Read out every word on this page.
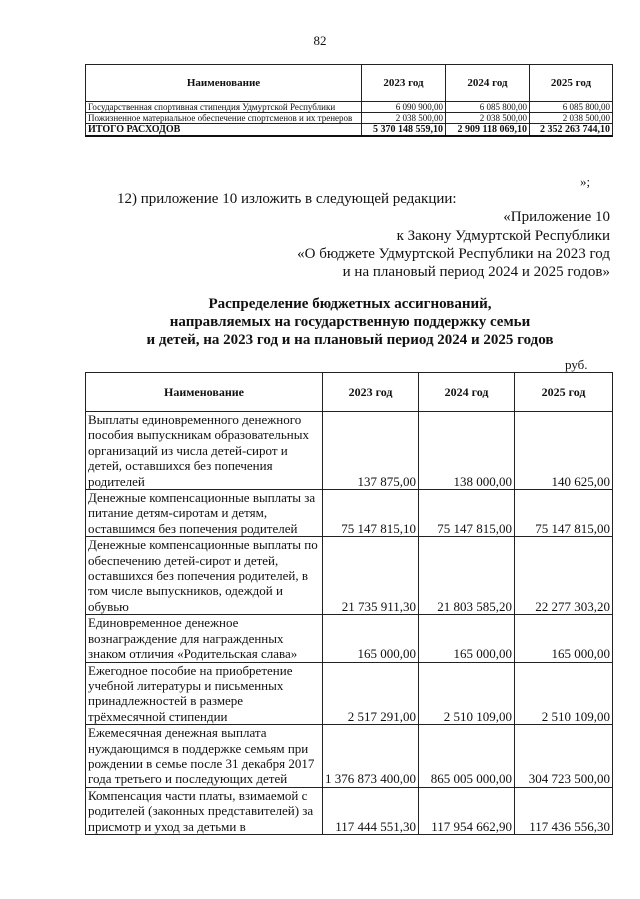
82
Наименование	2023 год	2024 год	2025 год
Государственная спортивная стипендия Удмуртской Республики	6 090 900,00	6 085 800,00	6 085 800,00
Пожизненное материальное обеспечение спортсменов и их тренеров	2 038 500,00	2 038 500,00	2 038 500,00
ИТОГО РАСХОДОВ	5 370 148 559,10	2 909 118 069,10	2 352 263 744,10
»;
12) приложение 10 изложить в следующей редакции:
«Приложение 10
к Закону Удмуртской Республики
«О бюджете Удмуртской Республики на 2023 год
и на плановый период 2024 и 2025 годов»
Распределение бюджетных ассигнований,
направляемых на государственную поддержку семьи
и детей, на 2023 год и на плановый период 2024 и 2025 годов
руб.
Наименование	2023 год	2024 год	2025 год
Выплаты единовременного денежного пособия выпускникам образовательных организаций из числа детей-сирот и детей, оставшихся без попечения родителей	137 875,00	138 000,00	140 625,00
Денежные компенсационные выплаты за питание детям-сиротам и детям, оставшимся без попечения родителей	75 147 815,10	75 147 815,00	75 147 815,00
Денежные компенсационные выплаты по обеспечению детей-сирот и детей, оставшихся без попечения родителей, в том числе выпускников, одеждой и обувью	21 735 911,30	21 803 585,20	22 277 303,20
Единовременное денежное вознаграждение для награжденных знаком отличия «Родительская слава»	165 000,00	165 000,00	165 000,00
Ежегодное пособие на приобретение учебной литературы и письменных принадлежностей в размере трёхмесячной стипендии	2 517 291,00	2 510 109,00	2 510 109,00
Ежемесячная денежная выплата нуждающимся в поддержке семьям при рождении в семье после 31 декабря 2017 года третьего и последующих детей	1 376 873 400,00	865 005 000,00	304 723 500,00
Компенсация части платы, взимаемой с родителей (законных представителей) за присмотр и уход за детьми в	117 444 551,30	117 954 662,90	117 436 556,30
